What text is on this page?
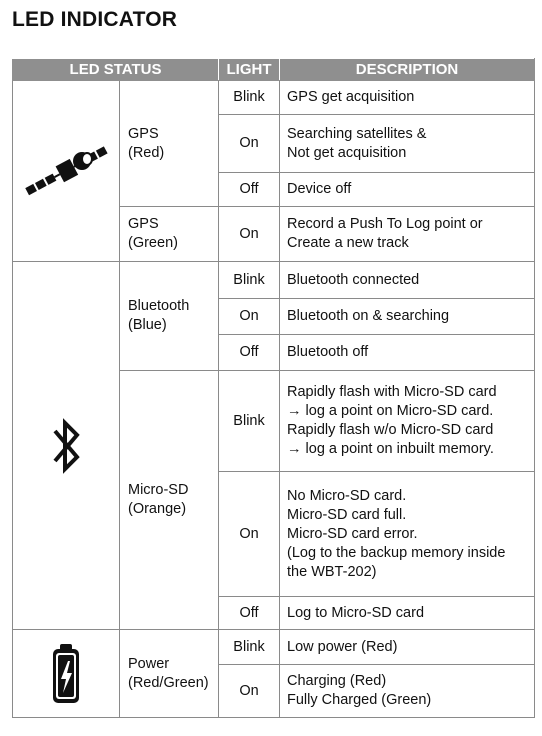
LED INDICATOR
LED STATUS		LIGHT	DESCRIPTION

GPS
(Red)	Blink	GPS get acquisition

		On	Searching satellites &
Not get acquisition

		Off	Device off

	GPS
(Green)	On	Record a Push To Log point or
Create a new track

Bluetooth
(Blue)	Blink	Bluetooth connected

		On	Bluetooth on & searching

		Off	Bluetooth off

	Micro-SD
(Orange)	Blink	Rapidly flash with Micro-SD card
→ log a point on Micro-SD card.
Rapidly flash w/o Micro-SD card
→ log a point on inbuilt memory.

		On	No Micro-SD card.
Micro-SD card full.
Micro-SD card error.
(Log to the backup memory inside
the WBT-202)

		Off	Log to Micro-SD card

Power
(Red/Green)	Blink	Low power (Red)

		On	Charging (Red)
Fully Charged (Green)
